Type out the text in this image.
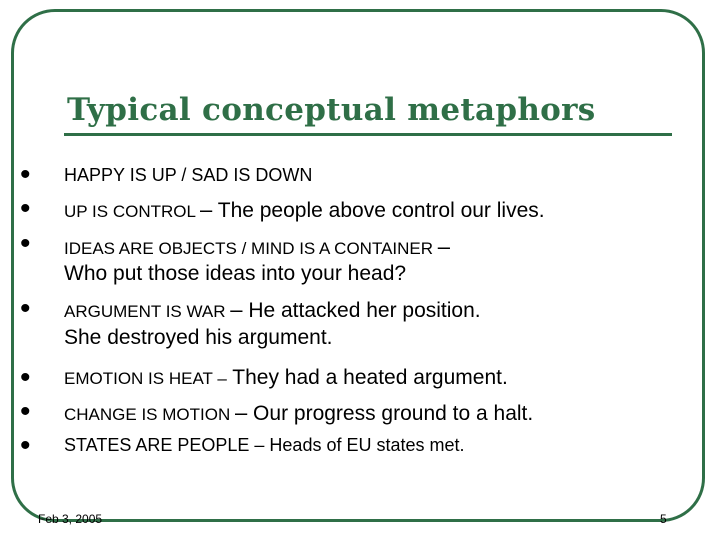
Typical conceptual metaphors
• HAPPY IS UP / SAD IS DOWN
• UP IS CONTROL – The people above control our lives.
• IDEAS ARE OBJECTS / MIND IS A CONTAINER –
Who put those ideas into your head?
• ARGUMENT IS WAR – He attacked her position.
She destroyed his argument.
• EMOTION IS HEAT – They had a heated argument.
• CHANGE IS MOTION – Our progress ground to a halt.
• STATES ARE PEOPLE – Heads of EU states met.
Feb 3, 2005	5
